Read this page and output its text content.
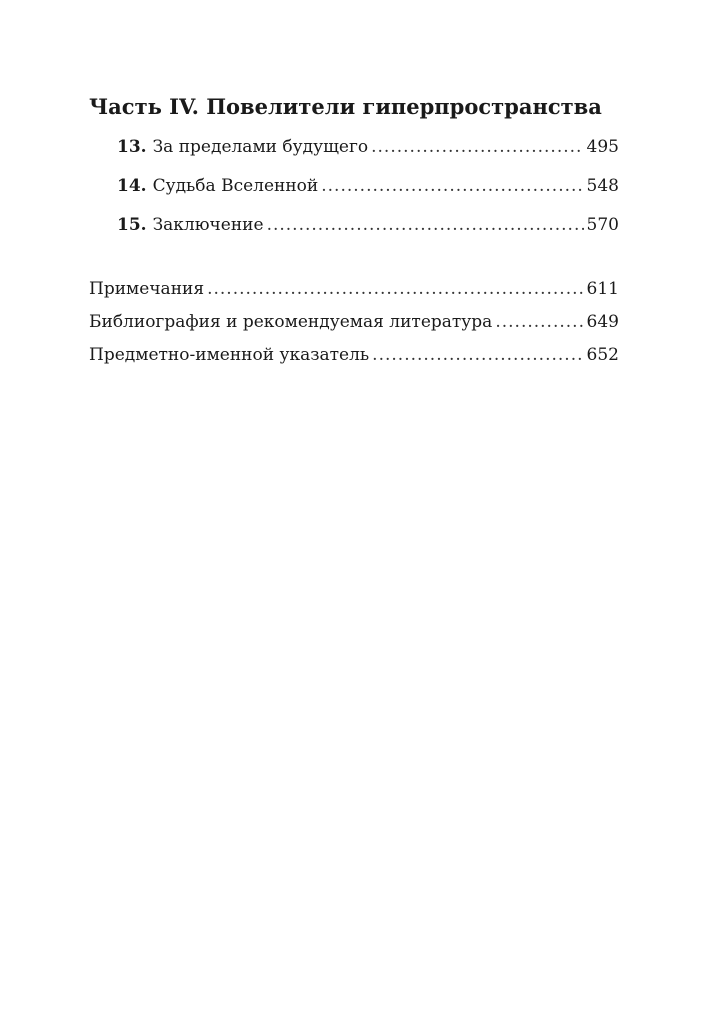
Часть IV. Повелители гиперпространства
13. За пределами будущего .....	495
14. Судьба Вселенной .....	548
15. Заключение .....	570
Примечания .....	611
Библиография и рекомендуемая литература .....	649
Предметно-именной указатель .....	652
